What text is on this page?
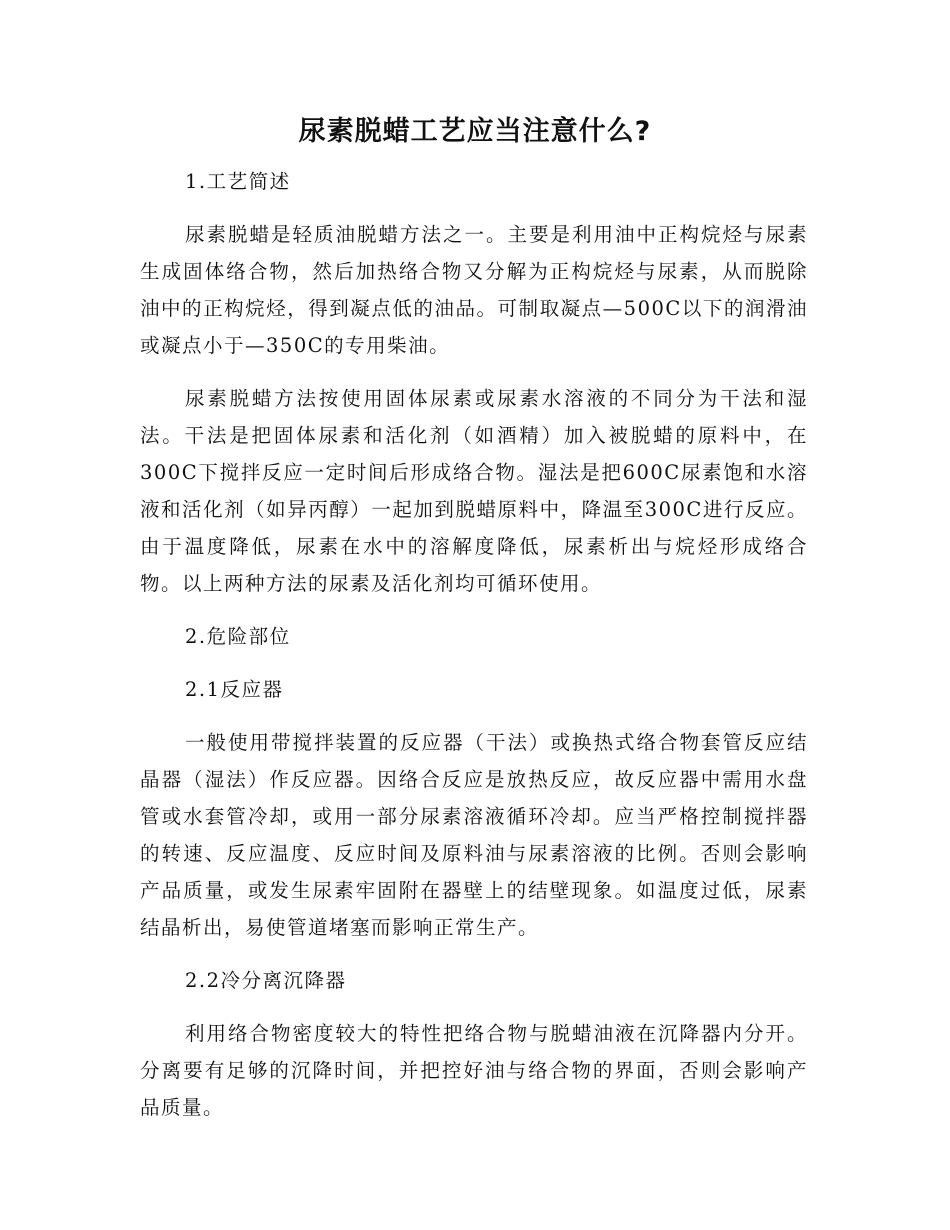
尿素脱蜡工艺应当注意什么?

1.工艺简述

尿素脱蜡是轻质油脱蜡方法之一。主要是利用油中正构烷烃与尿素生成固体络合物，然后加热络合物又分解为正构烷烃与尿素，从而脱除油中的正构烷烃，得到凝点低的油品。可制取凝点—500C以下的润滑油或凝点小于—350C的专用柴油。

尿素脱蜡方法按使用固体尿素或尿素水溶液的不同分为干法和湿法。干法是把固体尿素和活化剂（如酒精）加入被脱蜡的原料中，在300C下搅拌反应一定时间后形成络合物。湿法是把600C尿素饱和水溶液和活化剂（如异丙醇）一起加到脱蜡原料中，降温至300C进行反应。由于温度降低，尿素在水中的溶解度降低，尿素析出与烷烃形成络合物。以上两种方法的尿素及活化剂均可循环使用。

2.危险部位

2.1反应器

一般使用带搅拌装置的反应器（干法）或换热式络合物套管反应结晶器（湿法）作反应器。因络合反应是放热反应，故反应器中需用水盘管或水套管冷却，或用一部分尿素溶液循环冷却。应当严格控制搅拌器的转速、反应温度、反应时间及原料油与尿素溶液的比例。否则会影响产品质量，或发生尿素牢固附在器壁上的结壁现象。如温度过低，尿素结晶析出，易使管道堵塞而影响正常生产。

2.2冷分离沉降器

利用络合物密度较大的特性把络合物与脱蜡油液在沉降器内分开。分离要有足够的沉降时间，并把控好油与络合物的界面，否则会影响产品质量。
